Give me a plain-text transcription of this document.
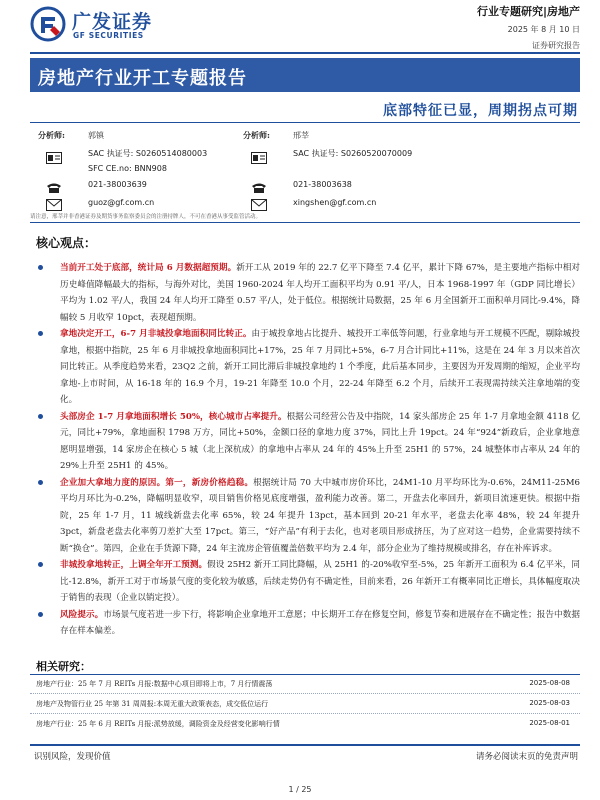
广发证券
GF SECURITIES
行业专题研究|房地产
2025 年 8 月 10 日
证券研究报告
房地产行业开工专题报告
底部特征已显，周期拐点可期
分析师:	郭镇
SAC 执证号: S0260514080003
SFC CE.no: BNN908
021-38003639
guoz@gf.com.cn
分析师:	邢莘
SAC 执证号: S0260520070009
021-38003638
xingshen@gf.com.cn
请注意，邢莘并非香港证券及期货事务监察委员会的注册持牌人，不可在香港从事受监管活动。
核心观点：
当前开工处于底部，统计局 6 月数据超预期。新开工从 2019 年的 22.7 亿平下降至 7.4 亿平，累计下降 67%，是主要地产指标中相对历史峰值降幅最大的指标，与海外对比，美国 1960-2024 年人均开工面积平均为 0.91 平/人，日本 1968-1997 年（GDP 同比增长）平均为 1.02 平/人，我国 24 年人均开工降至 0.57 平/人，处于低位。根据统计局数据，25 年 6 月全国新开工面积单月同比-9.4%，降幅较 5 月收窄 10pct，表现超预期。
拿地决定开工，6-7 月非城投拿地面积同比转正。由于城投拿地占比提升、城投开工率低等问题，行业拿地与开工规模不匹配，剔除城投拿地，根据中指院，25 年 6 月非城投拿地面积同比+17%，25 年 7 月同比+5%，6-7 月合计同比+11%，这是在 24 年 3 月以来首次同比转正。从季度趋势来看，23Q2 之前，新开工同比滞后非城投拿地约 1 个季度，此后基本同步，主要因为开发周期的缩短，企业平均拿地-上市时间，从 16-18 年的 16.9 个月，19-21 年降至 10.0 个月，22-24 年降至 6.2 个月，后续开工表现需持续关注拿地端的变化。
头部房企 1-7 月拿地面积增长 50%，核心城市占率提升。根据公司经营公告及中指院，14 家头部房企 25 年 1-7 月拿地金额 4118 亿元，同比+79%，拿地面积 1798 万方，同比+50%，金额口径的拿地力度 37%，同比上升 19pct。24 年“924”新政后，企业拿地意愿明显增强，14 家房企在核心 5 城（北上深杭成）的拿地申占率从 24 年的 45%上升至 25H1 的 57%，24 城整体市占率从 24 年的 29%上升至 25H1 的 45%。
企业加大拿地力度的原因。第一，新房价格趋稳。根据统计局 70 大中城市房价环比，24M1-10 月平均环比为-0.6%，24M11-25M6 平均月环比为-0.2%，降幅明显收窄，项目销售价格见底度增强，盈利能力改善。第二，开盘去化率回升，新项目流速更快。根据中指院，25 年 1-7 月，11 城线新盘去化率 65%，较 24 年提升 13pct，基本回到 20-21 年水平，老盘去化率 48%，较 24 年提升 3pct，新盘老盘去化率剪刀差扩大至 17pct。第三，“好产品”有利于去化，也对老项目形成挤压，为了应对这一趋势，企业需要持续不断“换仓”。第四，企业在手货源下降，24 年主流房企管值覆盖倍数平均为 2.4 年，部分企业为了维持规模或排名，存在补库诉求。
非城投拿地转正，上调全年开工预测。假设 25H2 新开工同比降幅，从 25H1 的-20%收窄至-5%，25 年新开工面积为 6.4 亿平米，同比-12.8%，新开工对于市场景气度的变化较为敏感，后续走势仍有不确定性，目前来看，26 年新开工有概率同比正增长，具体幅度取决于销售的表现（企业以销定投）。
风险提示。市场景气度若进一步下行，将影响企业拿地开工意愿；中长期开工存在修复空间，修复节奏和进展存在不确定性；报告中数据存在样本偏差。
相关研究：
房地产行业：25 年 7 月 REITs 月报:数据中心项目即将上市，7 月行情震荡	2025-08-08
房地产及物管行业 25 年第 31 周周报:本周无重大政策表态，成交低位运行	2025-08-03
房地产行业：25 年 6 月 REITs 月报:派势放缓，调险资金及经营变化影响行情	2025-08-01
识别风险，发现价值	请务必阅读末页的免责声明
1 / 25
